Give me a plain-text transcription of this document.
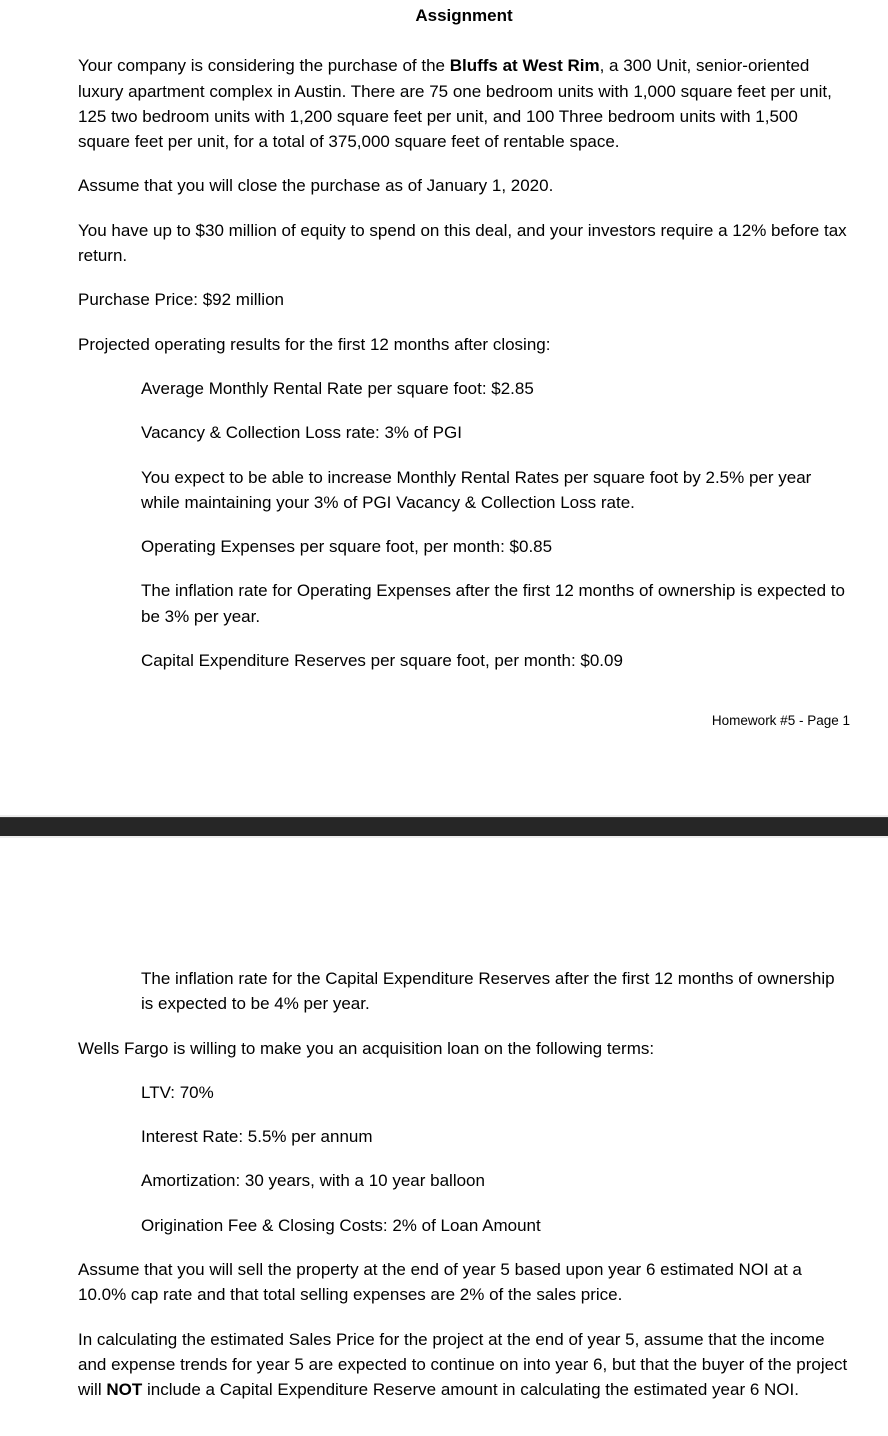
Assignment

Your company is considering the purchase of the Bluffs at West Rim, a 300 Unit, senior-oriented luxury apartment complex in Austin. There are 75 one bedroom units with 1,000 square feet per unit, 125 two bedroom units with 1,200 square feet per unit, and 100 Three bedroom units with 1,500 square feet per unit, for a total of 375,000 square feet of rentable space.

Assume that you will close the purchase as of January 1, 2020.

You have up to $30 million of equity to spend on this deal, and your investors require a 12% before tax return.

Purchase Price: $92 million

Projected operating results for the first 12 months after closing:

Average Monthly Rental Rate per square foot: $2.85

Vacancy & Collection Loss rate: 3% of PGI

You expect to be able to increase Monthly Rental Rates per square foot by 2.5% per year while maintaining your 3% of PGI Vacancy & Collection Loss rate.

Operating Expenses per square foot, per month: $0.85

The inflation rate for Operating Expenses after the first 12 months of ownership is expected to be 3% per year.

Capital Expenditure Reserves per square foot, per month: $0.09

Homework #5 - Page 1

The inflation rate for the Capital Expenditure Reserves after the first 12 months of ownership is expected to be 4% per year.

Wells Fargo is willing to make you an acquisition loan on the following terms:

LTV: 70%

Interest Rate: 5.5% per annum

Amortization: 30 years, with a 10 year balloon

Origination Fee & Closing Costs: 2% of Loan Amount

Assume that you will sell the property at the end of year 5 based upon year 6 estimated NOI at a 10.0% cap rate and that total selling expenses are 2% of the sales price.

In calculating the estimated Sales Price for the project at the end of year 5, assume that the income and expense trends for year 5 are expected to continue on into year 6, but that the buyer of the project will NOT include a Capital Expenditure Reserve amount in calculating the estimated year 6 NOI.
